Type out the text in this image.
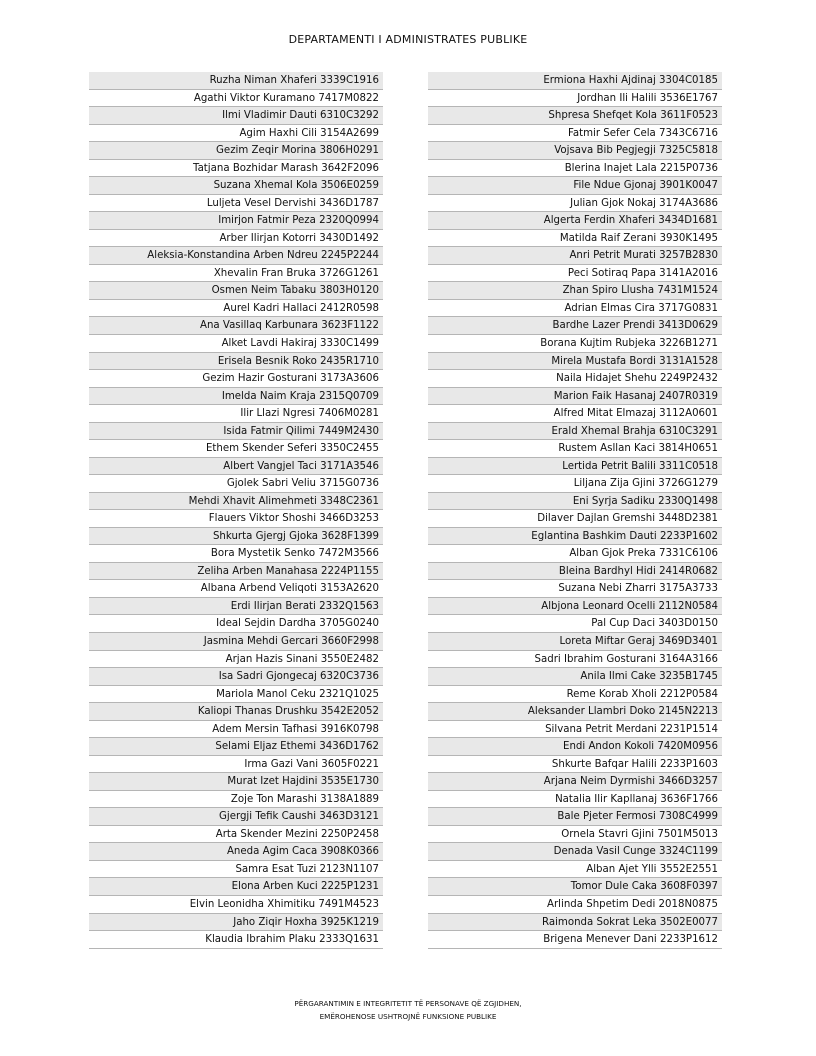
DEPARTAMENTI I ADMINISTRATES PUBLIKE
Ruzha Niman Xhaferi 3339C1916
Agathi Viktor Kuramano 7417M0822
Ilmi Vladimir Dauti 6310C3292
Agim Haxhi Cili 3154A2699
Gezim Zeqir Morina 3806H0291
Tatjana Bozhidar Marash 3642F2096
Suzana Xhemal Kola 3506E0259
Luljeta Vesel Dervishi 3436D1787
Imirjon Fatmir Peza 2320Q0994
Arber Ilirjan Kotorri 3430D1492
Aleksia-Konstandina Arben Ndreu 2245P2244
Xhevalin Fran Bruka 3726G1261
Osmen Neim Tabaku 3803H0120
Aurel Kadri Hallaci 2412R0598
Ana Vasillaq Karbunara 3623F1122
Alket Lavdi Hakiraj 3330C1499
Erisela Besnik Roko 2435R1710
Gezim Hazir Gosturani 3173A3606
Imelda Naim Kraja 2315Q0709
Ilir Llazi Ngresi 7406M0281
Isida Fatmir Qilimi 7449M2430
Ethem Skender Seferi 3350C2455
Albert Vangjel Taci 3171A3546
Gjolek Sabri Veliu 3715G0736
Mehdi Xhavit Alimehmeti 3348C2361
Flauers Viktor Shoshi 3466D3253
Shkurta Gjergj Gjoka 3628F1399
Bora Mystetik Senko 7472M3566
Zeliha Arben Manahasa 2224P1155
Albana Arbend Veliqoti 3153A2620
Erdi Ilirjan Berati 2332Q1563
Ideal Sejdin Dardha 3705G0240
Jasmina Mehdi Gercari 3660F2998
Arjan Hazis Sinani 3550E2482
Isa Sadri Gjongecaj 6320C3736
Mariola Manol Ceku 2321Q1025
Kaliopi Thanas Drushku 3542E2052
Adem Mersin Tafhasi 3916K0798
Selami Eljaz Ethemi 3436D1762
Irma Gazi Vani 3605F0221
Murat Izet Hajdini 3535E1730
Zoje Ton Marashi 3138A1889
Gjergji Tefik Caushi 3463D3121
Arta Skender Mezini 2250P2458
Aneda Agim Caca 3908K0366
Samra Esat Tuzi 2123N1107
Elona Arben Kuci 2225P1231
Elvin Leonidha Xhimitiku 7491M4523
Jaho Ziqir Hoxha 3925K1219
Klaudia Ibrahim Plaku 2333Q1631
Ermiona Haxhi Ajdinaj 3304C0185
Jordhan Ili Halili 3536E1767
Shpresa Shefqet Kola 3611F0523
Fatmir Sefer Cela 7343C6716
Vojsava Bib Pegjegji 7325C5818
Blerina Inajet Lala 2215P0736
File Ndue Gjonaj 3901K0047
Julian Gjok Nokaj 3174A3686
Algerta Ferdin Xhaferi 3434D1681
Matilda Raif Zerani 3930K1495
Anri Petrit Murati 3257B2830
Peci Sotiraq Papa 3141A2016
Zhan Spiro Llusha 7431M1524
Adrian Elmas Cira 3717G0831
Bardhe Lazer Prendi 3413D0629
Borana Kujtim Rubjeka 3226B1271
Mirela Mustafa Bordi 3131A1528
Naila Hidajet Shehu 2249P2432
Marion Faik Hasanaj 2407R0319
Alfred Mitat Elmazaj 3112A0601
Erald Xhemal Brahja 6310C3291
Rustem Asllan Kaci 3814H0651
Lertida Petrit Balili 3311C0518
Liljana Zija Gjini 3726G1279
Eni Syrja Sadiku 2330Q1498
Dilaver Dajlan Gremshi 3448D2381
Eglantina Bashkim Dauti 2233P1602
Alban Gjok Preka 7331C6106
Bleina Bardhyl Hidi 2414R0682
Suzana Nebi Zharri 3175A3733
Albjona Leonard Ocelli 2112N0584
Pal Cup Daci 3403D0150
Loreta Miftar Geraj 3469D3401
Sadri Ibrahim Gosturani 3164A3166
Anila Ilmi Cake 3235B1745
Reme Korab Xholi 2212P0584
Aleksander Llambri Doko 2145N2213
Silvana Petrit Merdani 2231P1514
Endi Andon Kokoli 7420M0956
Shkurte Bafqar Halili 2233P1603
Arjana Neim Dyrmishi 3466D3257
Natalia Ilir Kapllanaj 3636F1766
Bale Pjeter Fermosi 7308C4999
Ornela Stavri Gjini 7501M5013
Denada Vasil Cunge 3324C1199
Alban Ajet Ylli 3552E2551
Tomor Dule Caka 3608F0397
Arlinda Shpetim Dedi 2018N0875
Raimonda Sokrat Leka 3502E0077
Brigena Menever Dani 2233P1612
PËRGARANTIMIN E INTEGRITETIT TË PERSONAVE QË ZGJIDHEN,
EMËROHENOSE USHTROJNË FUNKSIONE PUBLIKE
